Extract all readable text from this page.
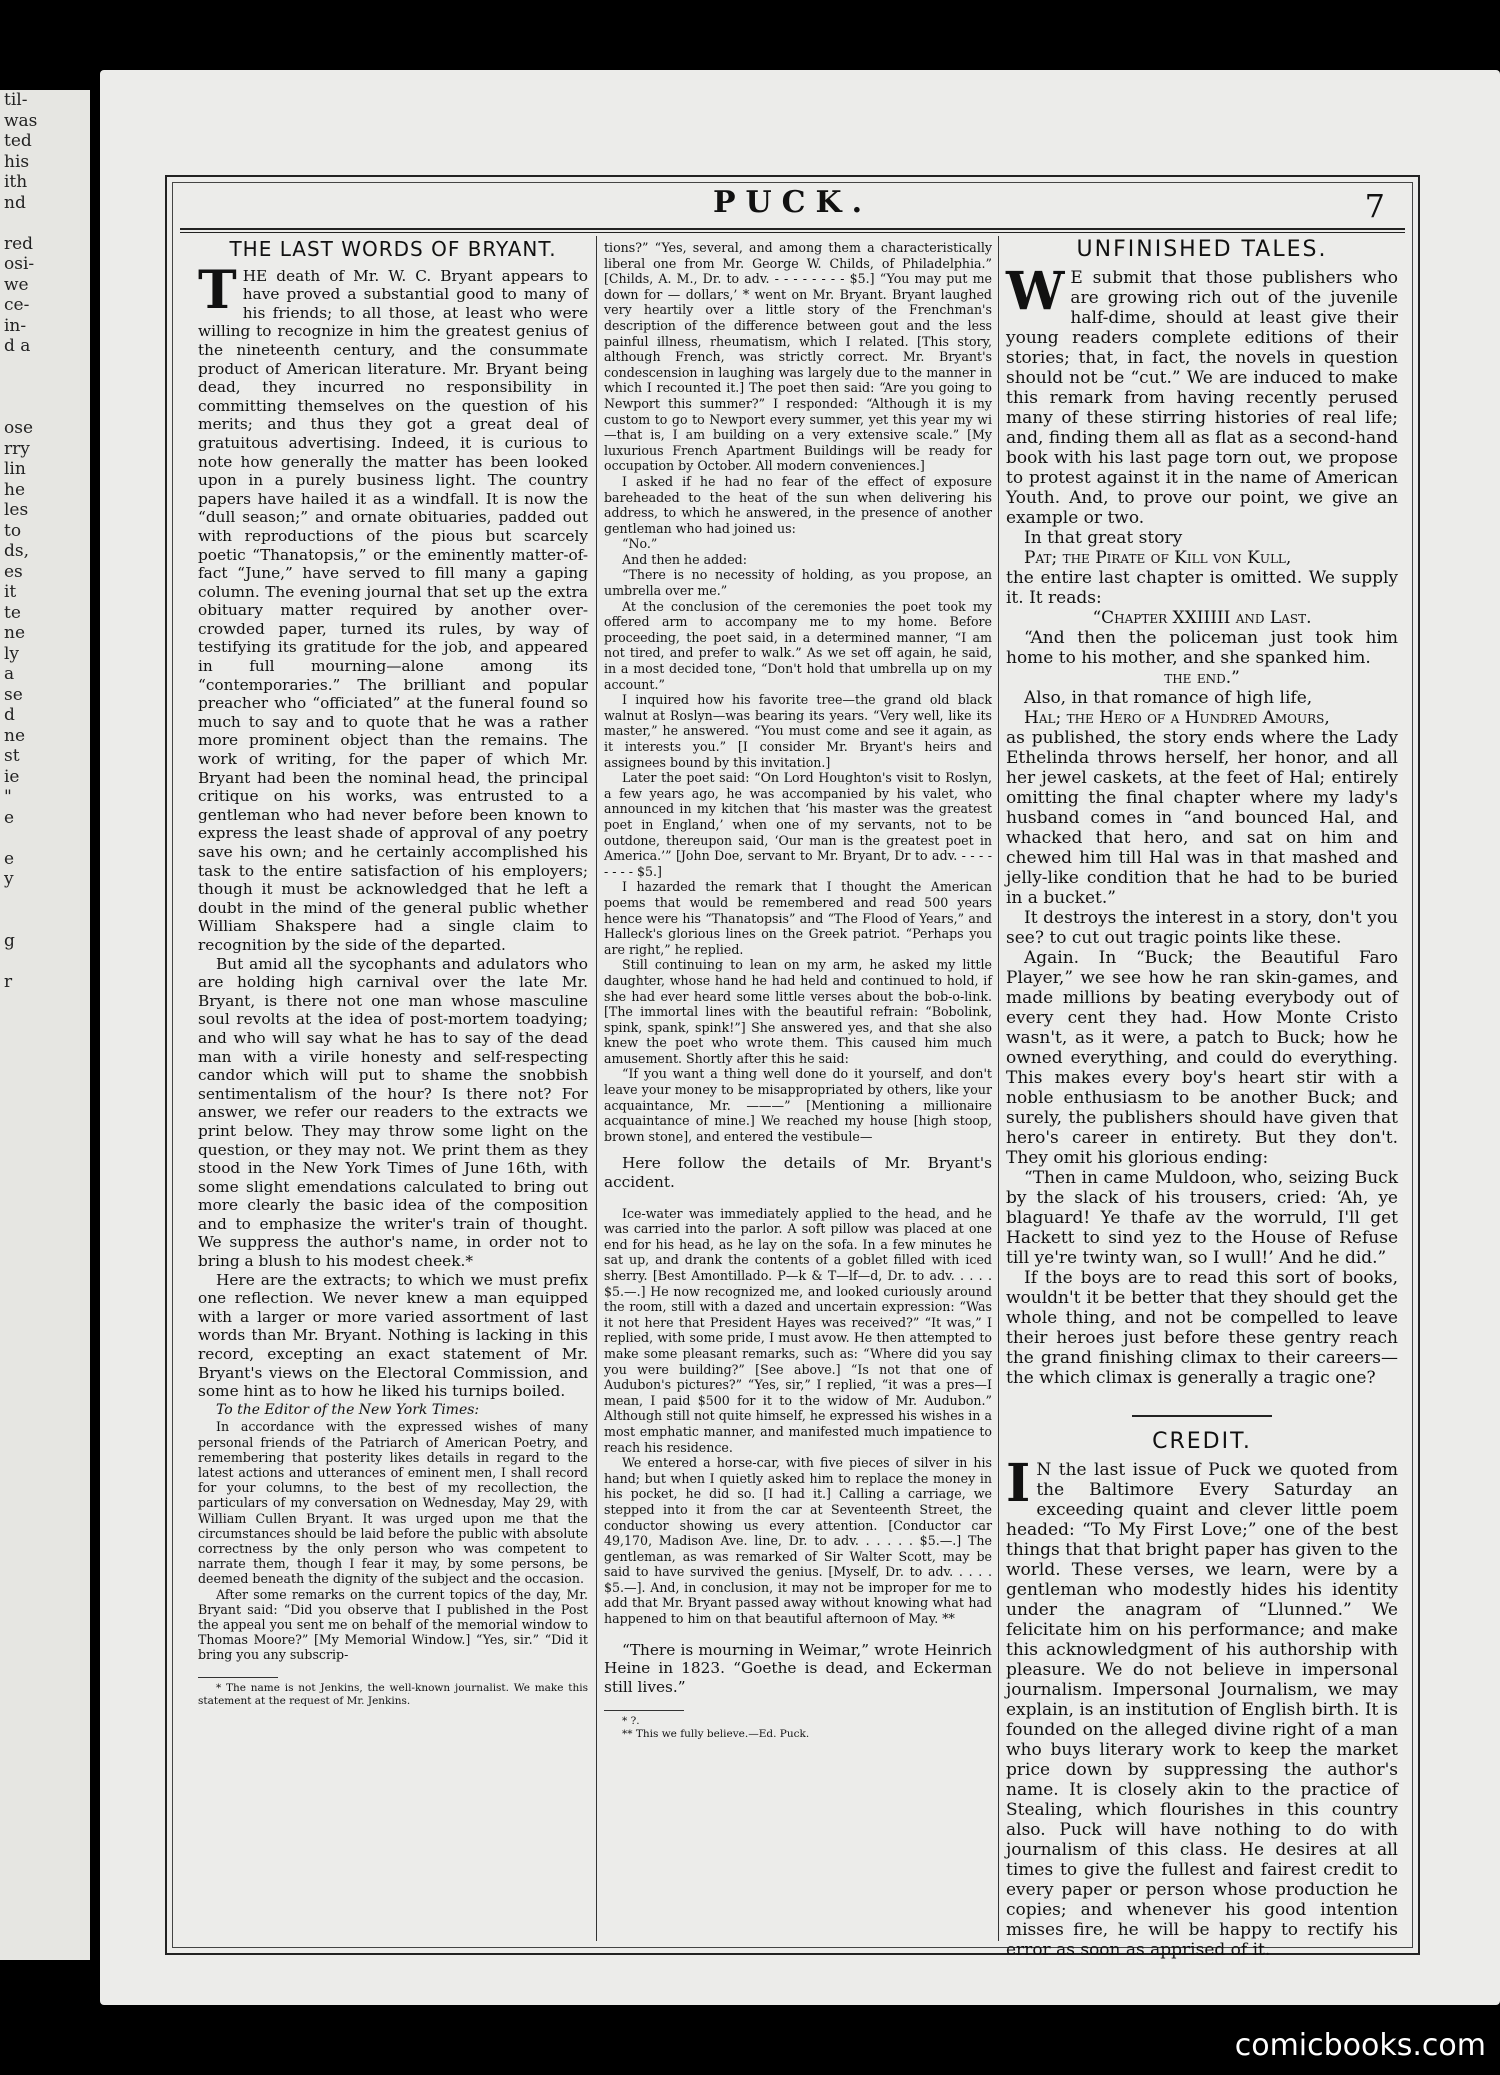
til-
was
ted
his
ith
nd

red
osi-
we
ce-
in-
d a

ose
rry
lin
he
les
to
ds,
es
it
te
ne
ly
a
se
d
ne
st
ie
"
e

e
y

g

r
PUCK.	7
THE LAST WORDS OF BRYANT.
T HE death of Mr. W. C. Bryant appears to have proved a substantial good to many of his friends; to all those, at least who were willing to recognize in him the greatest genius of the nineteenth century, and the consummate product of American literature. Mr. Bryant being dead, they incurred no responsibility in committing themselves on the question of his merits; and thus they got a great deal of gratuitous advertising. Indeed, it is curious to note how generally the matter has been looked upon in a purely business light. The country papers have hailed it as a windfall. It is now the “dull season;” and ornate obituaries, padded out with reproductions of the pious but scarcely poetic “Thanatopsis,” or the eminently matter-of-fact “June,” have served to fill many a gaping column. The evening journal that set up the extra obituary matter required by another over-crowded paper, turned its rules, by way of testifying its gratitude for the job, and appeared in full mourning—alone among its “contemporaries.” The brilliant and popular preacher who “officiated” at the funeral found so much to say and to quote that he was a rather more prominent object than the remains. The work of writing, for the paper of which Mr. Bryant had been the nominal head, the principal critique on his works, was entrusted to a gentleman who had never before been known to express the least shade of approval of any poetry save his own; and he certainly accomplished his task to the entire satisfaction of his employers; though it must be acknowledged that he left a doubt in the mind of the general public whether William Shakspere had a single claim to recognition by the side of the departed.

But amid all the sycophants and adulators who are holding high carnival over the late Mr. Bryant, is there not one man whose masculine soul revolts at the idea of post-mortem toadying; and who will say what he has to say of the dead man with a virile honesty and self-respecting candor which will put to shame the snobbish sentimentalism of the hour? Is there not? For answer, we refer our readers to the extracts we print below. They may throw some light on the question, or they may not. We print them as they stood in the New York Times of June 16th, with some slight emendations calculated to bring out more clearly the basic idea of the composition and to emphasize the writer's train of thought. We suppress the author's name, in order not to bring a blush to his modest cheek.*

Here are the extracts; to which we must prefix one reflection. We never knew a man equipped with a larger or more varied assortment of last words than Mr. Bryant. Nothing is lacking in this record, excepting an exact statement of Mr. Bryant's views on the Electoral Commission, and some hint as to how he liked his turnips boiled.

To the Editor of the New York Times:

In accordance with the expressed wishes of many personal friends of the Patriarch of American Poetry, and remembering that posterity likes details in regard to the latest actions and utterances of eminent men, I shall record for your columns, to the best of my recollection, the particulars of my conversation on Wednesday, May 29, with William Cullen Bryant. It was urged upon me that the circumstances should be laid before the public with absolute correctness by the only person who was competent to narrate them, though I fear it may, by some persons, be deemed beneath the dignity of the subject and the occasion.

After some remarks on the current topics of the day, Mr. Bryant said: “Did you observe that I published in the Post the appeal you sent me on behalf of the memorial window to Thomas Moore?” [My Memorial Window.] “Yes, sir.” “Did it bring you any subscrip-

* The name is not Jenkins, the well-known journalist. We make this statement at the request of Mr. Jenkins.

tions?” “Yes, several, and among them a characteristically liberal one from Mr. George W. Childs, of Philadelphia.” [Childs, A. M., Dr. to adv. - - - - - - - - $5.] “You may put me down for — dollars,’ * went on Mr. Bryant. Bryant laughed very heartily over a little story of the Frenchman's description of the difference between gout and the less painful illness, rheumatism, which I related. [This story, although French, was strictly correct. Mr. Bryant's condescension in laughing was largely due to the manner in which I recounted it.] The poet then said: “Are you going to Newport this summer?” I responded: “Although it is my custom to go to Newport every summer, yet this year my wi—that is, I am building on a very extensive scale.” [My luxurious French Apartment Buildings will be ready for occupation by October. All modern conveniences.]

I asked if he had no fear of the effect of exposure bareheaded to the heat of the sun when delivering his address, to which he answered, in the presence of another gentleman who had joined us:

“No.”

And then he added:

“There is no necessity of holding, as you propose, an umbrella over me.”

At the conclusion of the ceremonies the poet took my offered arm to accompany me to my home. Before proceeding, the poet said, in a determined manner, “I am not tired, and prefer to walk.” As we set off again, he said, in a most decided tone, “Don't hold that umbrella up on my account.”

I inquired how his favorite tree—the grand old black walnut at Roslyn—was bearing its years. “Very well, like its master,” he answered. “You must come and see it again, as it interests you.” [I consider Mr. Bryant's heirs and assignees bound by this invitation.]

Later the poet said: “On Lord Houghton's visit to Roslyn, a few years ago, he was accompanied by his valet, who announced in my kitchen that ‘his master was the greatest poet in England,’ when one of my servants, not to be outdone, thereupon said, ‘Our man is the greatest poet in America.’” [John Doe, servant to Mr. Bryant, Dr to adv. - - - - - - - - $5.]

I hazarded the remark that I thought the American poems that would be remembered and read 500 years hence were his “Thanatopsis” and “The Flood of Years,” and Halleck's glorious lines on the Greek patriot. “Perhaps you are right,” he replied.

Still continuing to lean on my arm, he asked my little daughter, whose hand he had held and continued to hold, if she had ever heard some little verses about the bob-o-link. [The immortal lines with the beautiful refrain: “Bobolink, spink, spank, spink!”] She answered yes, and that she also knew the poet who wrote them. This caused him much amusement. Shortly after this he said:

“If you want a thing well done do it yourself, and don't leave your money to be misappropriated by others, like your acquaintance, Mr. ———” [Mentioning a millionaire acquaintance of mine.] We reached my house [high stoop, brown stone], and entered the vestibule—

Here follow the details of Mr. Bryant's accident.

Ice-water was immediately applied to the head, and he was carried into the parlor. A soft pillow was placed at one end for his head, as he lay on the sofa. In a few minutes he sat up, and drank the contents of a goblet filled with iced sherry. [Best Amontillado. P—k & T—lf—d, Dr. to adv. . . . . $5.—.] He now recognized me, and looked curiously around the room, still with a dazed and uncertain expression: “Was it not here that President Hayes was received?” “It was,” I replied, with some pride, I must avow. He then attempted to make some pleasant remarks, such as: “Where did you say you were building?” [See above.] “Is not that one of Audubon's pictures?” “Yes, sir,” I replied, “it was a pres—I mean, I paid $500 for it to the widow of Mr. Audubon.” Although still not quite himself, he expressed his wishes in a most emphatic manner, and manifested much impatience to reach his residence.

We entered a horse-car, with five pieces of silver in his hand; but when I quietly asked him to replace the money in his pocket, he did so. [I had it.] Calling a carriage, we stepped into it from the car at Seventeenth Street, the conductor showing us every attention. [Conductor car 49,170, Madison Ave. line, Dr. to adv. . . . . . $5.—.] The gentleman, as was remarked of Sir Walter Scott, may be said to have survived the genius. [Myself, Dr. to adv. . . . . $5.—]. And, in conclusion, it may not be improper for me to add that Mr. Bryant passed away without knowing what had happened to him on that beautiful afternoon of May. **

“There is mourning in Weimar,” wrote Heinrich Heine in 1823. “Goethe is dead, and Eckerman still lives.”

* ?.

** This we fully believe.—Ed. Puck.

UNFINISHED TALES.
W E submit that those publishers who are growing rich out of the juvenile half-dime, should at least give their young readers complete editions of their stories; that, in fact, the novels in question should not be “cut.” We are induced to make this remark from having recently perused many of these stirring histories of real life; and, finding them all as flat as a second-hand book with his last page torn out, we propose to protest against it in the name of American Youth. And, to prove our point, we give an example or two.

In that great story

Pat; the Pirate of Kill von Kull,

the entire last chapter is omitted. We supply it. It reads:

“Chapter XXIIIII and Last.

“And then the policeman just took him home to his mother, and she spanked him.

the end.”

Also, in that romance of high life,

Hal; the Hero of a Hundred Amours,

as published, the story ends where the Lady Ethelinda throws herself, her honor, and all her jewel caskets, at the feet of Hal; entirely omitting the final chapter where my lady's husband comes in “and bounced Hal, and whacked that hero, and sat on him and chewed him till Hal was in that mashed and jelly-like condition that he had to be buried in a bucket.”

It destroys the interest in a story, don't you see? to cut out tragic points like these.

Again. In “Buck; the Beautiful Faro Player,” we see how he ran skin-games, and made millions by beating everybody out of every cent they had. How Monte Cristo wasn't, as it were, a patch to Buck; how he owned everything, and could do everything. This makes every boy's heart stir with a noble enthusiasm to be another Buck; and surely, the publishers should have given that hero's career in entirety. But they don't. They omit his glorious ending:

“Then in came Muldoon, who, seizing Buck by the slack of his trousers, cried: ‘Ah, ye blaguard! Ye thafe av the worruld, I'll get Hackett to sind yez to the House of Refuse till ye're twinty wan, so I wull!’ And he did.”

If the boys are to read this sort of books, wouldn't it be better that they should get the whole thing, and not be compelled to leave their heroes just before these gentry reach the grand finishing climax to their careers—the which climax is generally a tragic one?

CREDIT.
I N the last issue of Puck we quoted from the Baltimore Every Saturday an exceeding quaint and clever little poem headed: “To My First Love;” one of the best things that that bright paper has given to the world. These verses, we learn, were by a gentleman who modestly hides his identity under the anagram of “Llunned.” We felicitate him on his performance; and make this acknowledgment of his authorship with pleasure. We do not believe in impersonal journalism. Impersonal Journalism, we may explain, is an institution of English birth. It is founded on the alleged divine right of a man who buys literary work to keep the market price down by suppressing the author's name. It is closely akin to the practice of Stealing, which flourishes in this country also. Puck will have nothing to do with journalism of this class. He desires at all times to give the fullest and fairest credit to every paper or person whose production he copies; and whenever his good intention misses fire, he will be happy to rectify his error as soon as apprised of it.

comicbooks.com
